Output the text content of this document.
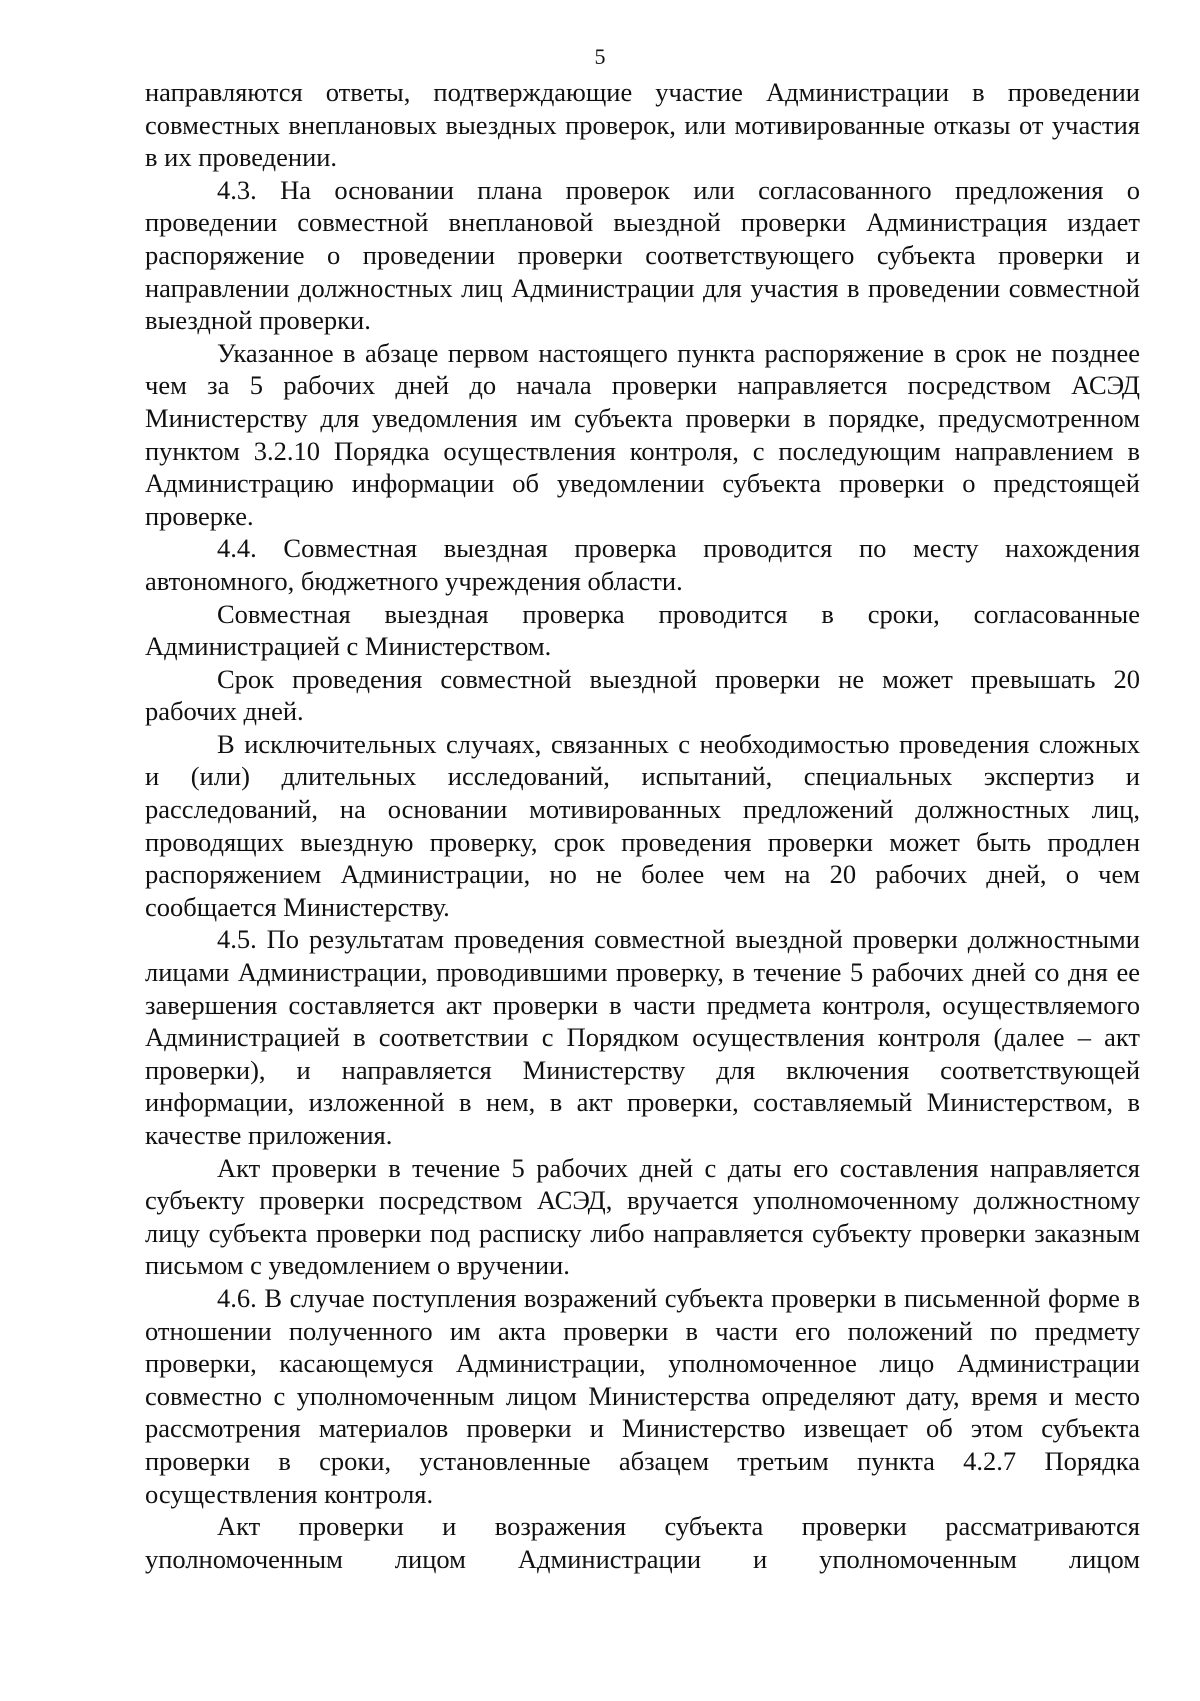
5

направляются ответы, подтверждающие участие Администрации в проведении совместных внеплановых выездных проверок, или мотивированные отказы от участия в их проведении.

4.3. На основании плана проверок или согласованного предложения о проведении совместной внеплановой выездной проверки Администрация издает распоряжение о проведении проверки соответствующего субъекта проверки и направлении должностных лиц Администрации для участия в проведении совместной выездной проверки.

Указанное в абзаце первом настоящего пункта распоряжение в срок не позднее чем за 5 рабочих дней до начала проверки направляется посредством АСЭД Министерству для уведомления им субъекта проверки в порядке, предусмотренном пунктом 3.2.10 Порядка осуществления контроля, с последующим направлением в Администрацию информации об уведомлении субъекта проверки о предстоящей проверке.

4.4. Совместная выездная проверка проводится по месту нахождения автономного, бюджетного учреждения области.

Совместная выездная проверка проводится в сроки, согласованные Администрацией с Министерством.

Срок проведения совместной выездной проверки не может превышать 20 рабочих дней.

В исключительных случаях, связанных с необходимостью проведения сложных и (или) длительных исследований, испытаний, специальных экспертиз и расследований, на основании мотивированных предложений должностных лиц, проводящих выездную проверку, срок проведения проверки может быть продлен распоряжением Администрации, но не более чем на 20 рабочих дней, о чем сообщается Министерству.

4.5. По результатам проведения совместной выездной проверки должностными лицами Администрации, проводившими проверку, в течение 5 рабочих дней со дня ее завершения составляется акт проверки в части предмета контроля, осуществляемого Администрацией в соответствии с Порядком осуществления контроля (далее – акт проверки), и направляется Министерству для включения соответствующей информации, изложенной в нем, в акт проверки, составляемый Министерством, в качестве приложения.

Акт проверки в течение 5 рабочих дней с даты его составления направляется субъекту проверки посредством АСЭД, вручается уполномоченному должностному лицу субъекта проверки под расписку либо направляется субъекту проверки заказным письмом с уведомлением о вручении.

4.6. В случае поступления возражений субъекта проверки в письменной форме в отношении полученного им акта проверки в части его положений по предмету проверки, касающемуся Администрации, уполномоченное лицо Администрации совместно с уполномоченным лицом Министерства определяют дату, время и место рассмотрения материалов проверки и Министерство извещает об этом субъекта проверки в сроки, установленные абзацем третьим пункта 4.2.7 Порядка осуществления контроля.

Акт проверки и возражения субъекта проверки рассматриваются уполномоченным лицом Администрации и уполномоченным лицом
